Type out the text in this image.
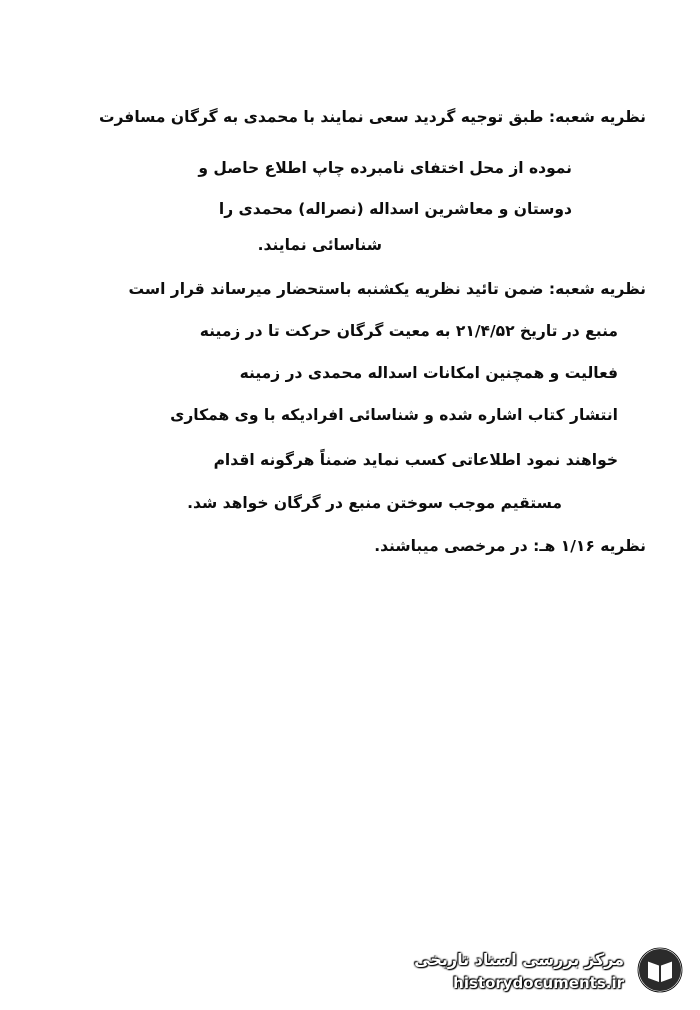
نظریه شعبه: طبق توجیه گردید سعی نمایند با محمدی به گرگان مسافرت
نموده از محل اختفای نامبرده چاپ اطلاع حاصل و
دوستان و معاشرین اسداله (نصراله) محمدی را
شناسائی نمایند.
نظریه شعبه: ضمن تائید نظریه یکشنبه باستحضار میرساند قرار است
منبع در تاریخ ۲۱/۴/۵۲ به معیت گرگان حرکت تا در زمینه
فعالیت و همچنین امکانات اسداله محمدی در زمینه
انتشار کتاب اشاره شده و شناسائی افرادیکه با وی همکاری
خواهند نمود اطلاعاتی کسب نماید ضمناً هرگونه اقدام
مستقیم موجب سوختن منبع در گرگان خواهد شد.
نظریه ۱/۱۶ هـ: در مرخصی میباشند.
مرکز بررسی اسناد تاریخی
historydocuments.ir
